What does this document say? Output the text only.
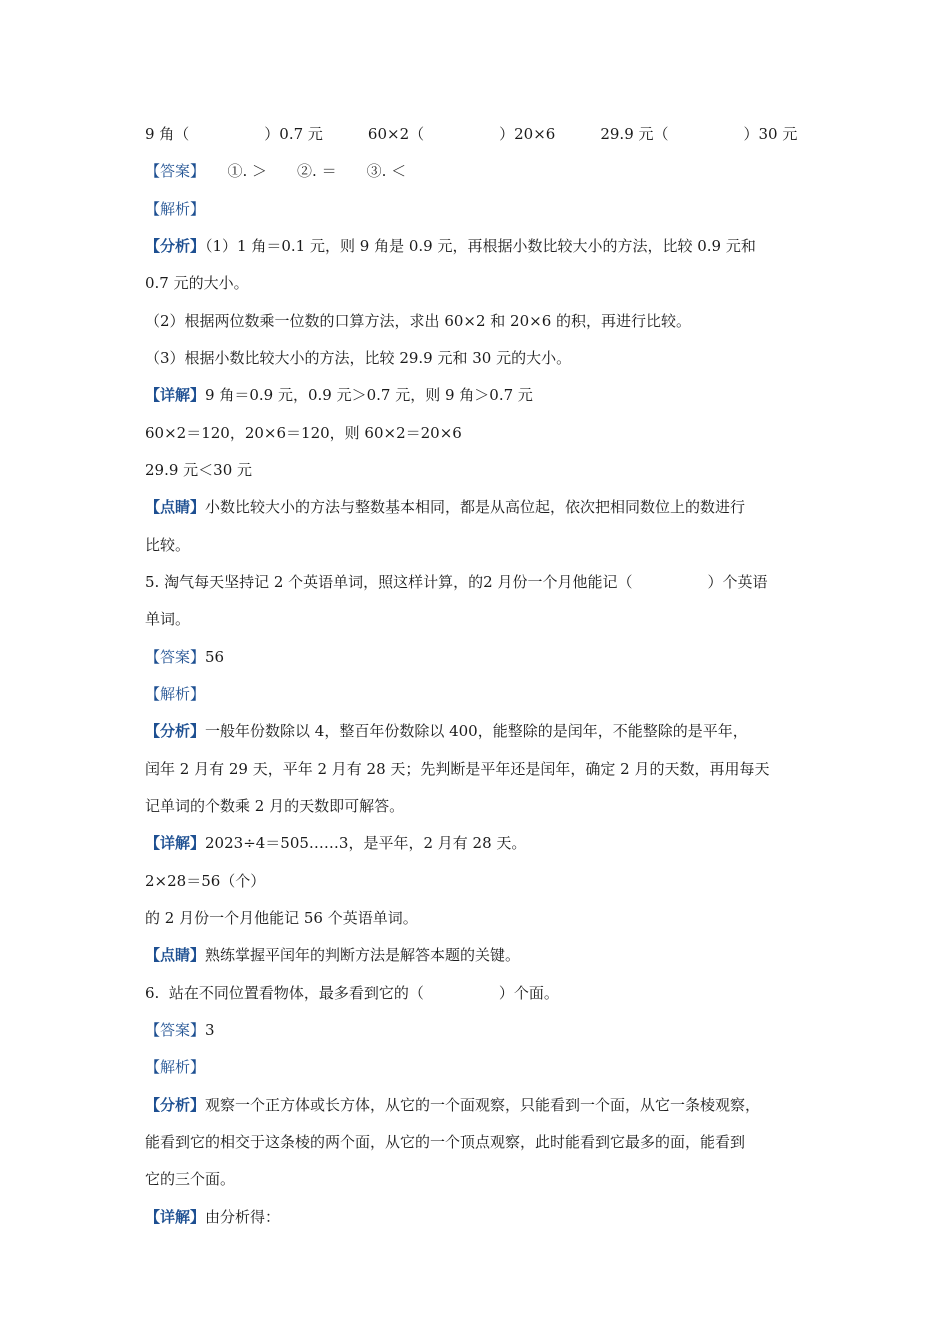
9 角（　　　　　）0.7 元　　　60×2（　　　　　）20×6　　　29.9 元（　　　　　）30 元
【答案】　　①. ＞　　②. ＝　　③. ＜
【解析】
【分析】（1）1 角＝0.1 元，则 9 角是 0.9 元，再根据小数比较大小的方法，比较 0.9 元和
0.7 元的大小。
（2）根据两位数乘一位数的口算方法，求出 60×2 和 20×6 的积，再进行比较。
（3）根据小数比较大小的方法，比较 29.9 元和 30 元的大小。
【详解】9 角＝0.9 元，0.9 元＞0.7 元，则 9 角＞0.7 元
60×2＝120，20×6＝120，则 60×2＝20×6
29.9 元＜30 元
【点睛】小数比较大小的方法与整数基本相同，都是从高位起，依次把相同数位上的数进行
比较。
5. 淘气每天坚持记 2 个英语单词，照这样计算，的2 月份一个月他能记（　　　　　）个英语
单词。
【答案】56
【解析】
【分析】一般年份数除以 4，整百年份数除以 400，能整除的是闰年，不能整除的是平年，
闰年 2 月有 29 天，平年 2 月有 28 天；先判断是平年还是闰年，确定 2 月的天数，再用每天
记单词的个数乘 2 月的天数即可解答。
【详解】2023÷4＝505……3，是平年，2 月有 28 天。
2×28＝56（个）
的 2 月份一个月他能记 56 个英语单词。
【点睛】熟练掌握平闰年的判断方法是解答本题的关键。
6.  站在不同位置看物体，最多看到它的（　　　　　）个面。
【答案】3
【解析】
【分析】观察一个正方体或长方体，从它的一个面观察，只能看到一个面，从它一条棱观察，
能看到它的相交于这条棱的两个面，从它的一个顶点观察，此时能看到它最多的面，能看到
它的三个面。
【详解】由分析得：
